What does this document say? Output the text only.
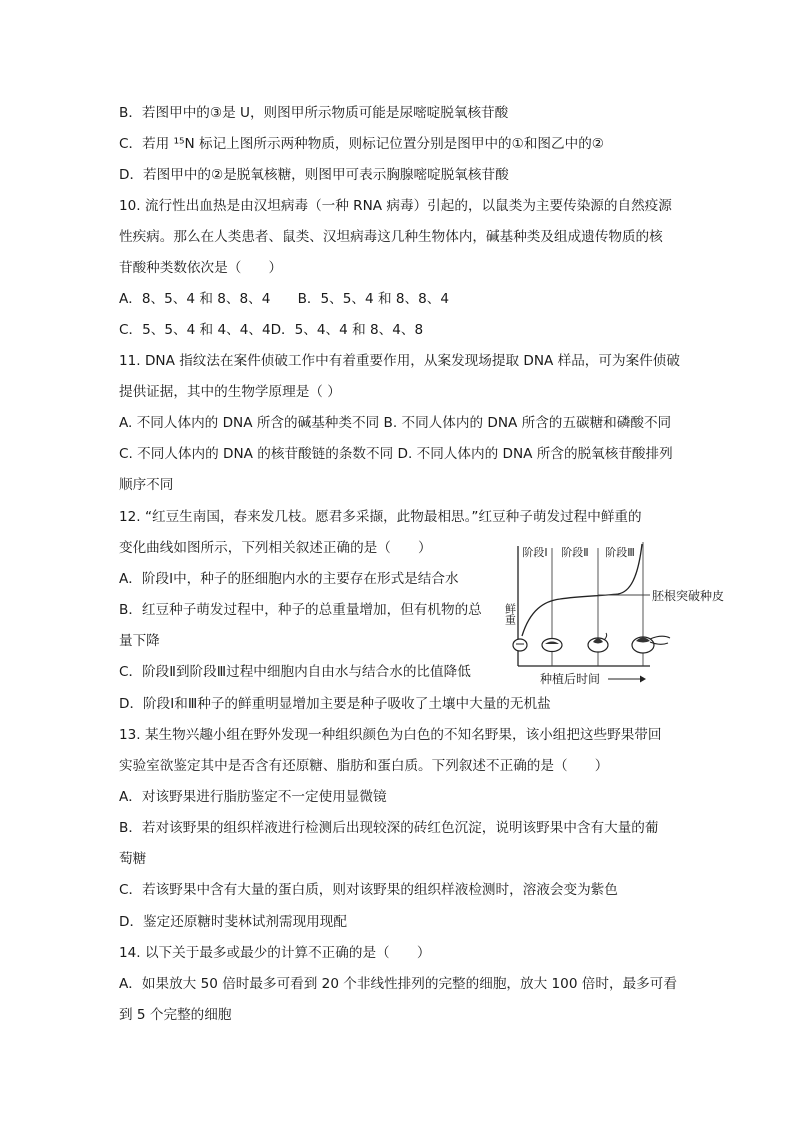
B．若图甲中的③是 U，则图甲所示物质可能是尿嘧啶脱氧核苷酸
C．若用 ¹⁵N 标记上图所示两种物质，则标记位置分别是图甲中的①和图乙中的②
D．若图甲中的②是脱氧核糖，则图甲可表示胸腺嘧啶脱氧核苷酸
10. 流行性出血热是由汉坦病毒（一种 RNA 病毒）引起的，以鼠类为主要传染源的自然疫源
性疾病。那么在人类患者、鼠类、汉坦病毒这几种生物体内，碱基种类及组成遗传物质的核
苷酸种类数依次是（　　）
A．8、5、4 和 8、8、4　　B．5、5、4 和 8、8、4
C．5、5、4 和 4、4、4D．5、4、4 和 8、4、8
11. DNA 指纹法在案件侦破工作中有着重要作用，从案发现场提取 DNA 样品，可为案件侦破
提供证据，其中的生物学原理是（ ）
A. 不同人体内的 DNA 所含的碱基种类不同 B. 不同人体内的 DNA 所含的五碳糖和磷酸不同
C. 不同人体内的 DNA 的核苷酸链的条数不同 D. 不同人体内的 DNA 所含的脱氧核苷酸排列
顺序不同
12. “红豆生南国，春来发几枝。愿君多采撷，此物最相思。”红豆种子萌发过程中鲜重的
变化曲线如图所示，下列相关叙述正确的是（　　）
A．阶段Ⅰ中，种子的胚细胞内水的主要存在形式是结合水
B．红豆种子萌发过程中，种子的总重量增加，但有机物的总
量下降
C．阶段Ⅱ到阶段Ⅲ过程中细胞内自由水与结合水的比值降低
D．阶段Ⅰ和Ⅲ种子的鲜重明显增加主要是种子吸收了土壤中大量的无机盐
13. 某生物兴趣小组在野外发现一种组织颜色为白色的不知名野果，该小组把这些野果带回
实验室欲鉴定其中是否含有还原糖、脂肪和蛋白质。下列叙述不正确的是（　　）
A．对该野果进行脂肪鉴定不一定使用显微镜
B．若对该野果的组织样液进行检测后出现较深的砖红色沉淀，说明该野果中含有大量的葡
萄糖
C．若该野果中含有大量的蛋白质，则对该野果的组织样液检测时，溶液会变为紫色
D．鉴定还原糖时斐林试剂需现用现配
14. 以下关于最多或最少的计算不正确的是（　　）
A．如果放大 50 倍时最多可看到 20 个非线性排列的完整的细胞，放大 100 倍时，最多可看
到 5 个完整的细胞
阶段Ⅰ 阶段Ⅱ 阶段Ⅲ
鲜重
胚根突破种皮
种植后时间
